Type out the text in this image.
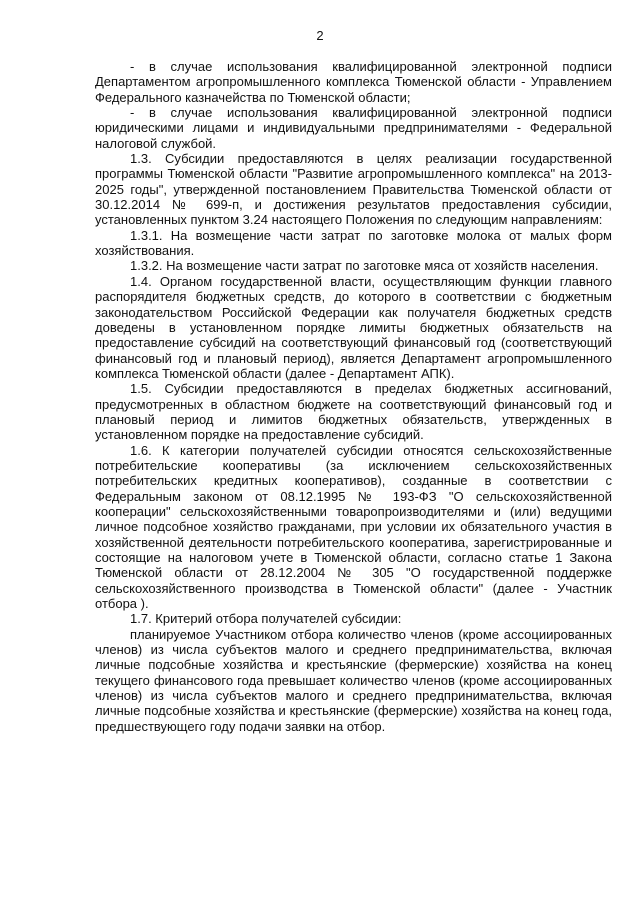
2

- в случае использования квалифицированной электронной подписи Департаментом агропромышленного комплекса Тюменской области - Управлением Федерального казначейства по Тюменской области;

- в случае использования квалифицированной электронной подписи юридическими лицами и индивидуальными предпринимателями - Федеральной налоговой службой.

1.3. Субсидии предоставляются в целях реализации государственной программы Тюменской области "Развитие агропромышленного комплекса" на 2013-2025 годы", утвержденной постановлением Правительства Тюменской области от 30.12.2014 № 699-п, и достижения результатов предоставления субсидии, установленных пунктом 3.24 настоящего Положения по следующим направлениям:

1.3.1. На возмещение части затрат по заготовке молока от малых форм хозяйствования.

1.3.2. На возмещение части затрат по заготовке мяса от хозяйств населения.

1.4. Органом государственной власти, осуществляющим функции главного распорядителя бюджетных средств, до которого в соответствии с бюджетным законодательством Российской Федерации как получателя бюджетных средств доведены в установленном порядке лимиты бюджетных обязательств на предоставление субсидий на соответствующий финансовый год (соответствующий финансовый год и плановый период), является Департамент агропромышленного комплекса Тюменской области (далее - Департамент АПК).

1.5. Субсидии предоставляются в пределах бюджетных ассигнований, предусмотренных в областном бюджете на соответствующий финансовый год и плановый период и лимитов бюджетных обязательств, утвержденных в установленном порядке на предоставление субсидий.

1.6. К категории получателей субсидии относятся сельскохозяйственные потребительские кооперативы (за исключением сельскохозяйственных потребительских кредитных кооперативов), созданные в соответствии с Федеральным законом от 08.12.1995 № 193-ФЗ "О сельскохозяйственной кооперации" сельскохозяйственными товаропроизводителями и (или) ведущими личное подсобное хозяйство гражданами, при условии их обязательного участия в хозяйственной деятельности потребительского кооператива, зарегистрированные и состоящие на налоговом учете в Тюменской области, согласно статье 1 Закона Тюменской области от 28.12.2004 № 305 "О государственной поддержке сельскохозяйственного производства в Тюменской области" (далее - Участник отбора ).

1.7. Критерий отбора получателей субсидии:

планируемое Участником отбора количество членов (кроме ассоциированных членов) из числа субъектов малого и среднего предпринимательства, включая личные подсобные хозяйства и крестьянские (фермерские) хозяйства на конец текущего финансового года превышает количество членов (кроме ассоциированных членов) из числа субъектов малого и среднего предпринимательства, включая личные подсобные хозяйства и крестьянские (фермерские) хозяйства на конец года, предшествующего году подачи заявки на отбор.
